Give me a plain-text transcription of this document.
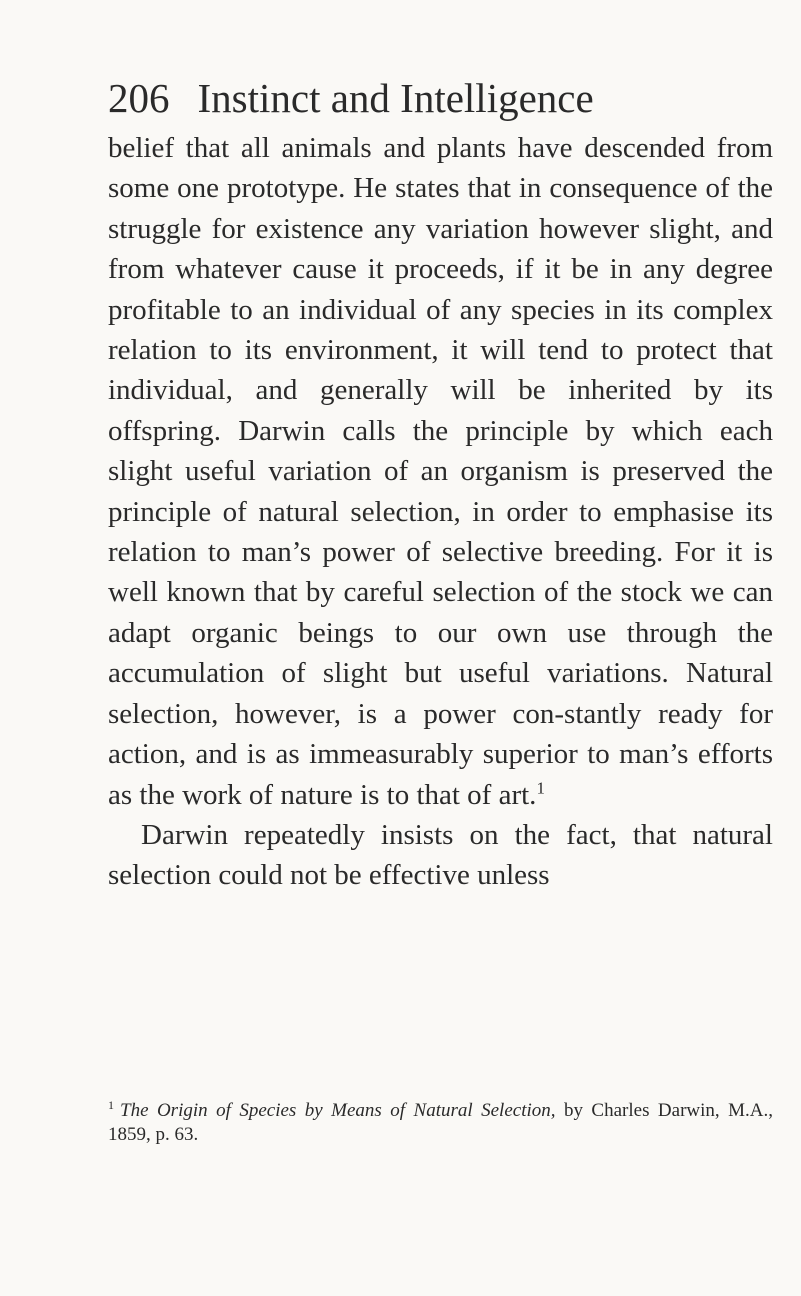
206 Instinct and Intelligence

belief that all animals and plants have descended from some one prototype. He states that in consequence of the struggle for existence any variation however slight, and from whatever cause it proceeds, if it be in any degree profitable to an individual of any species in its complex relation to its environment, it will tend to protect that individual, and generally will be inherited by its offspring. Darwin calls the principle by which each slight useful variation of an organism is preserved the principle of natural selection, in order to emphasise its relation to man’s power of selective breeding. For it is well known that by careful selection of the stock we can adapt organic beings to our own use through the accumulation of slight but useful variations. Natural selection, however, is a power con-stantly ready for action, and is as immeasurably superior to man’s efforts as the work of nature is to that of art.$^1$

Darwin repeatedly insists on the fact, that natural selection could not be effective unless

$^1$ The Origin of Species by Means of Natural Selection, by Charles Darwin, M.A., 1859, p. 63.
